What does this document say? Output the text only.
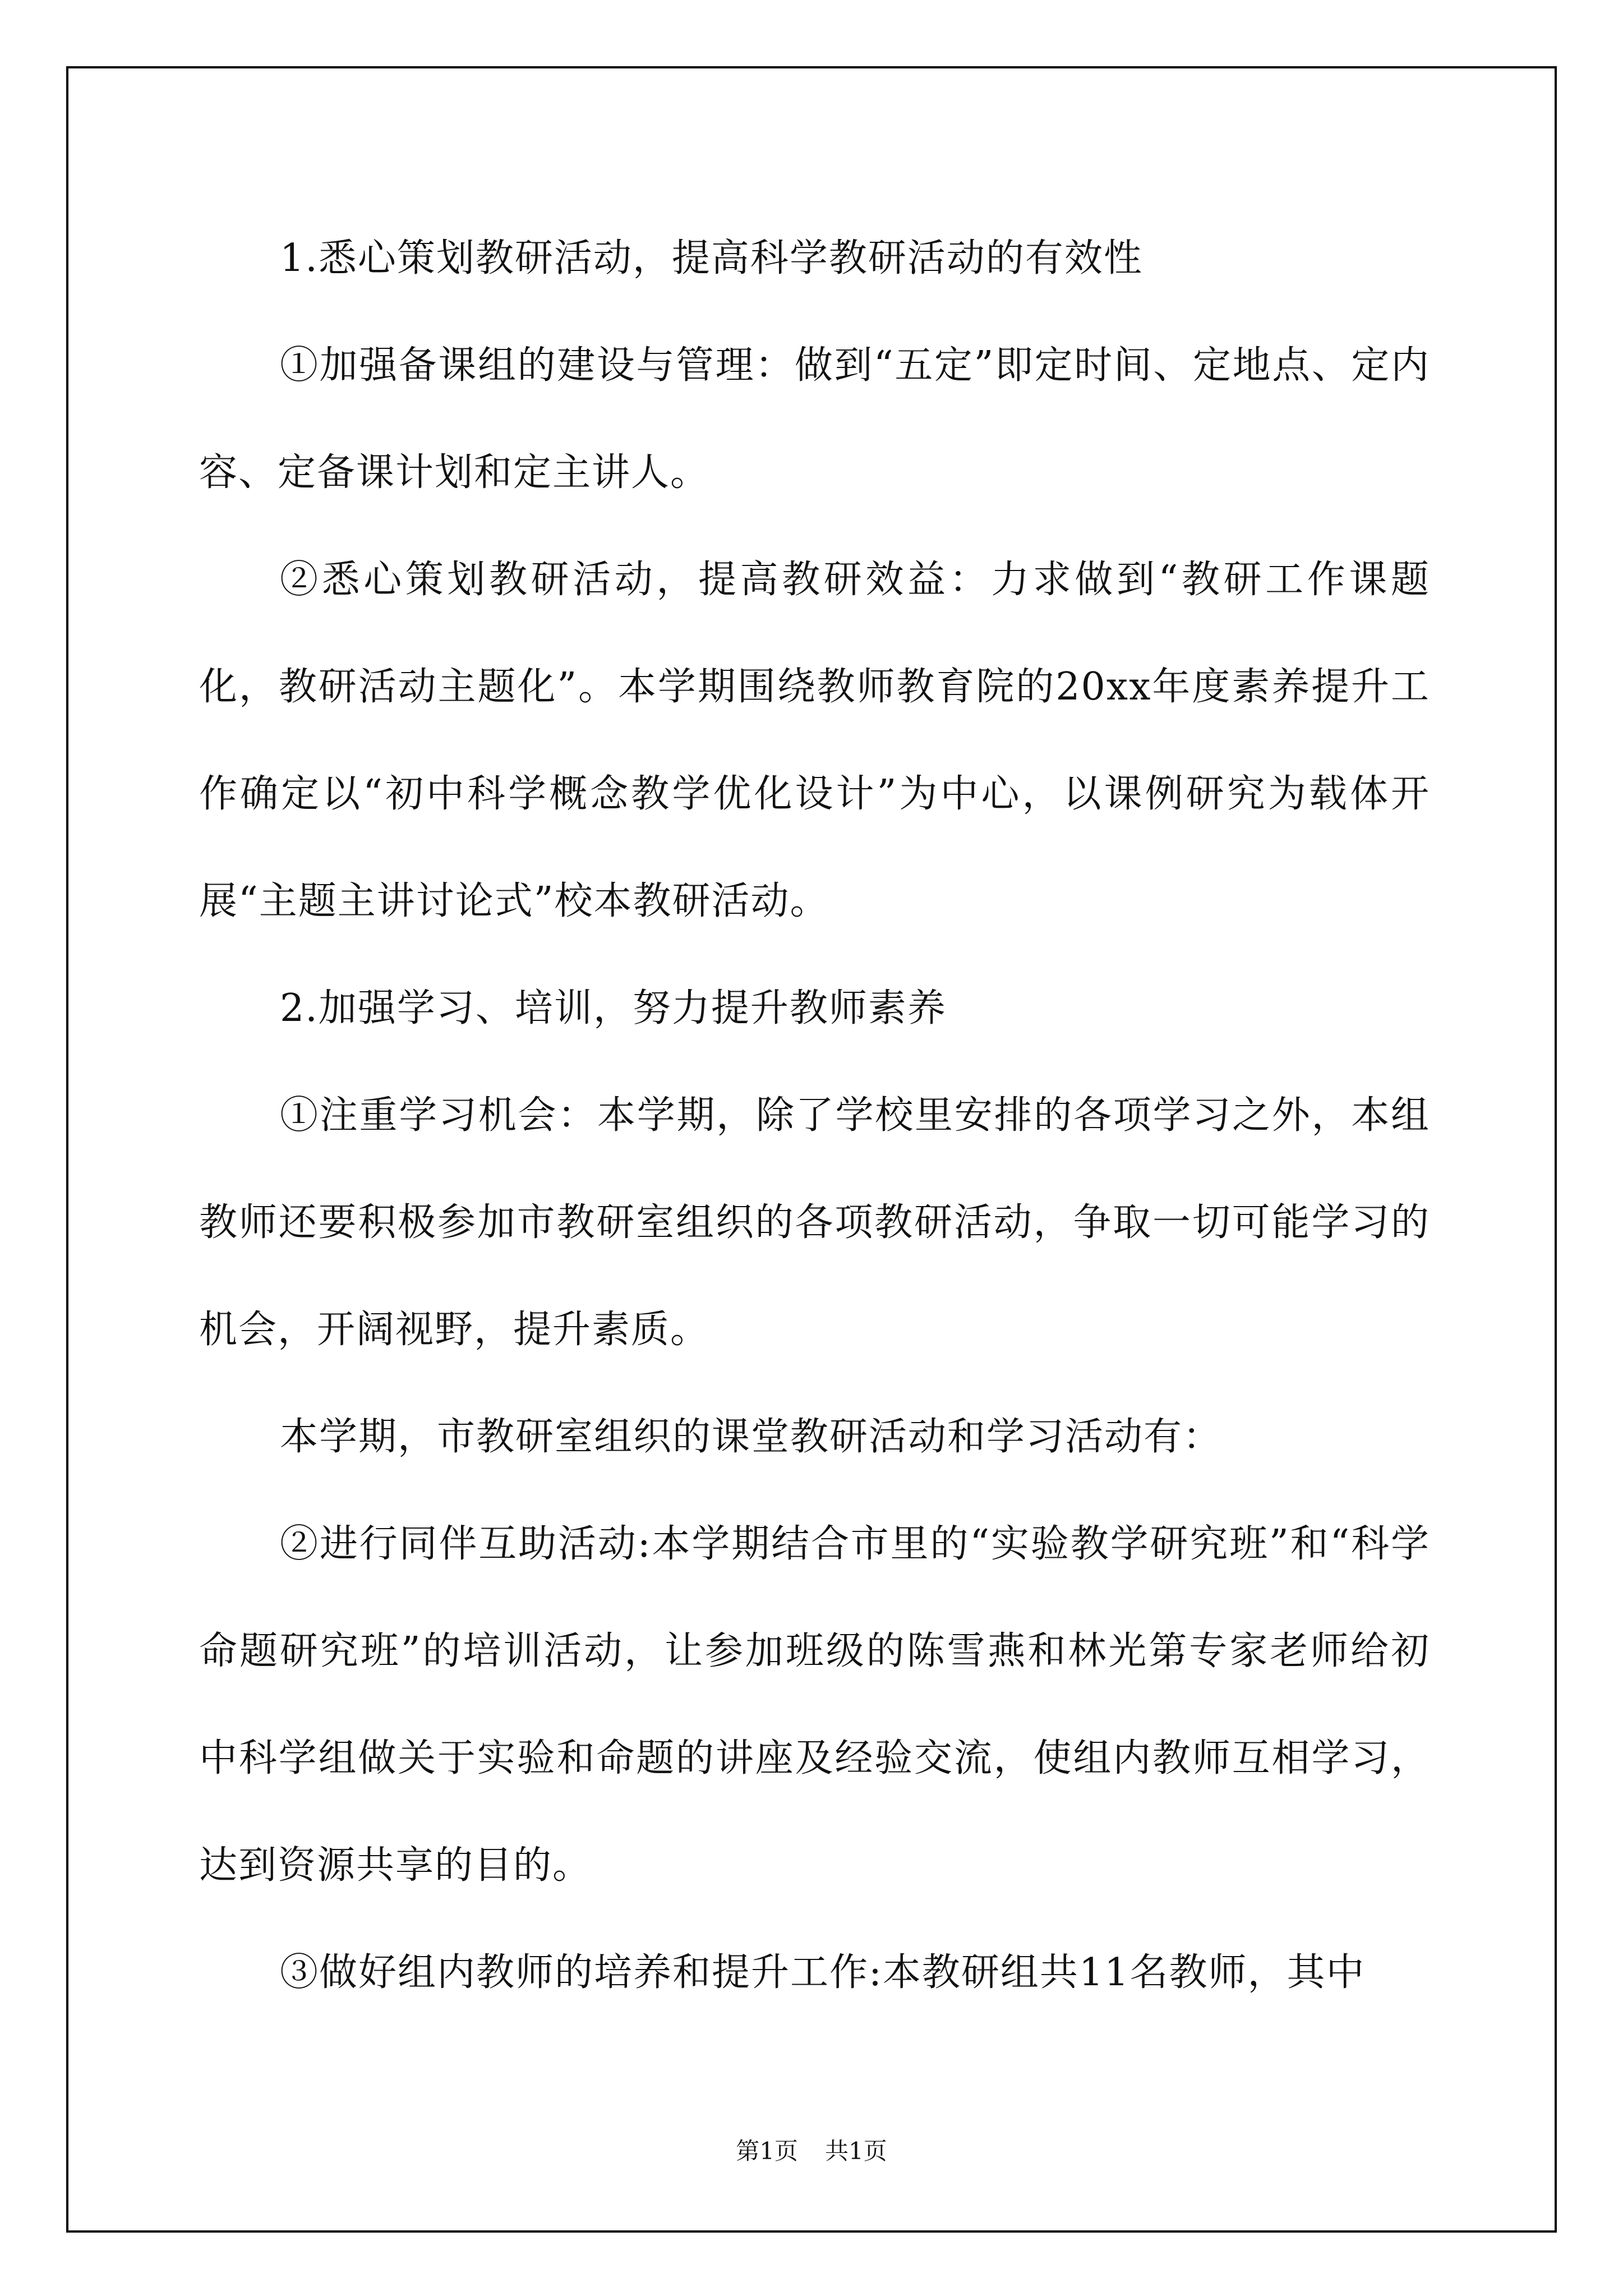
1.悉心策划教研活动，提高科学教研活动的有效性

①加强备课组的建设与管理：做到“五定”即定时间、定地点、定内容、定备课计划和定主讲人。

②悉心策划教研活动，提高教研效益：力求做到“教研工作课题化，教研活动主题化”。本学期围绕教师教育院的20xx年度素养提升工作确定以“初中科学概念教学优化设计”为中心，以课例研究为载体开展“主题主讲讨论式”校本教研活动。

2.加强学习、培训，努力提升教师素养

①注重学习机会：本学期，除了学校里安排的各项学习之外，本组教师还要积极参加市教研室组织的各项教研活动，争取一切可能学习的机会，开阔视野，提升素质。

本学期，市教研室组织的课堂教研活动和学习活动有：

②进行同伴互助活动:本学期结合市里的“实验教学研究班”和“科学命题研究班”的培训活动，让参加班级的陈雪燕和林光第专家老师给初中科学组做关于实验和命题的讲座及经验交流，使组内教师互相学习，达到资源共享的目的。

③做好组内教师的培养和提升工作:本教研组共11名教师，其中

第1页 共1页
